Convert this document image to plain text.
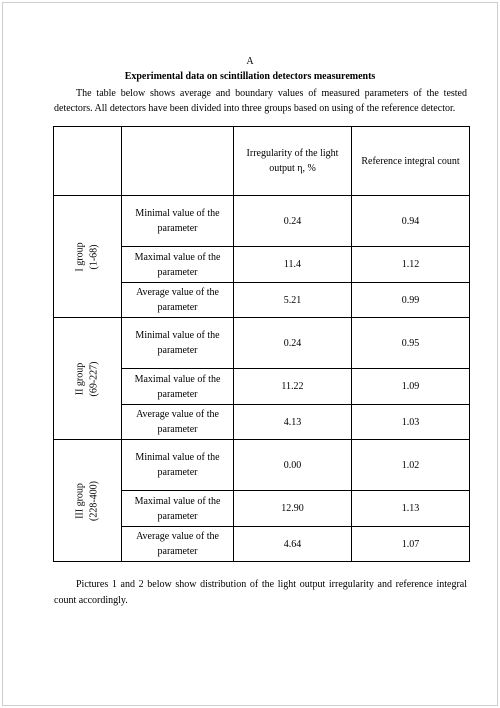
A
Experimental data on scintillation detectors measurements

The table below shows average and boundary values of measured parameters of the tested detectors. All detectors have been divided into three groups based on using of the reference detector.

		Irregularity of the light output η, %	Reference integral count

I group (1-68)	Minimal value of the parameter	0.24	0.94
	Maximal value of the parameter	11.4	1.12
	Average value of the parameter	5.21	0.99

II group (69-227)	Minimal value of the parameter	0.24	0.95
	Maximal value of the parameter	11.22	1.09
	Average value of the parameter	4.13	1.03

III group (228-400)	Minimal value of the parameter	0.00	1.02
	Maximal value of the parameter	12.90	1.13
	Average value of the parameter	4.64	1.07

Pictures 1 and 2 below show distribution of the light output irregularity and reference integral count accordingly.
